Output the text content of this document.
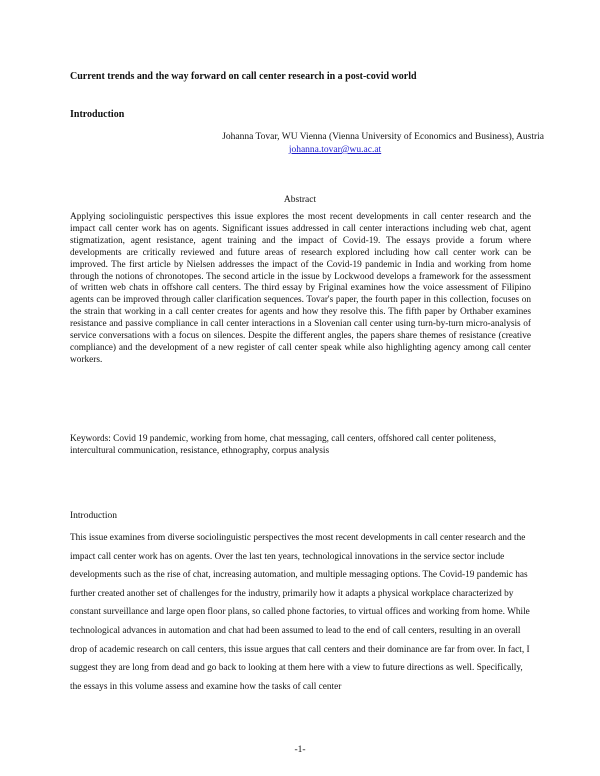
Current trends and the way forward on call center research in a post-covid world
Introduction
Johanna Tovar, WU Vienna (Vienna University of Economics and Business), Austria
johanna.tovar@wu.ac.at
Abstract

Applying sociolinguistic perspectives this issue explores the most recent developments in call center research and the impact call center work has on agents. Significant issues addressed in call center interactions including web chat, agent stigmatization, agent resistance, agent training and the impact of Covid-19. The essays provide a forum where developments are critically reviewed and future areas of research explored including how call center work can be improved. The first article by Nielsen addresses the impact of the Covid-19 pandemic in India and working from home through the notions of chronotopes. The second article in the issue by Lockwood develops a framework for the assessment of written web chats in offshore call centers. The third essay by Friginal examines how the voice assessment of Filipino agents can be improved through caller clarification sequences. Tovar's paper, the fourth paper in this collection, focuses on the strain that working in a call center creates for agents and how they resolve this. The fifth paper by Orthaber examines resistance and passive compliance in call center interactions in a Slovenian call center using turn-by-turn micro-analysis of service conversations with a focus on silences. Despite the different angles, the papers share themes of resistance (creative compliance) and the development of a new register of call center speak while also highlighting agency among call center workers.

Keywords: Covid 19 pandemic, working from home, chat messaging, call centers, offshored call center politeness, intercultural communication, resistance, ethnography, corpus analysis

Introduction

This issue examines from diverse sociolinguistic perspectives the most recent developments in call center research and the impact call center work has on agents. Over the last ten years, technological innovations in the service sector include developments such as the rise of chat, increasing automation, and multiple messaging options. The Covid-19 pandemic has further created another set of challenges for the industry, primarily how it adapts a physical workplace characterized by constant surveillance and large open floor plans, so called phone factories, to virtual offices and working from home. While technological advances in automation and chat had been assumed to lead to the end of call centers, resulting in an overall drop of academic research on call centers, this issue argues that call centers and their dominance are far from over. In fact, I suggest they are long from dead and go back to looking at them here with a view to future directions as well. Specifically, the essays in this volume assess and examine how the tasks of call center

-1-
